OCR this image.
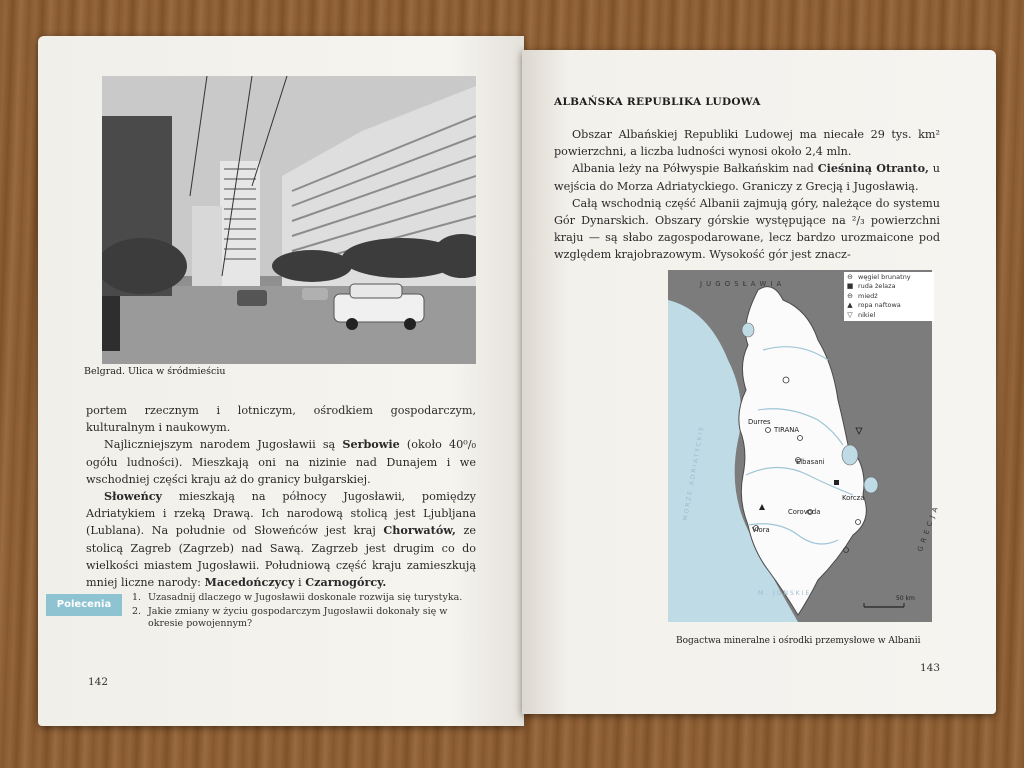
Belgrad. Ulica w śródmieściu

portem rzecznym i lotniczym, ośrodkiem gospodarczym, kulturalnym i naukowym.

Najliczniejszym narodem Jugosławii są Serbowie (około 40⁰/₀ ogółu ludności). Mieszkają oni na nizinie nad Dunajem i we wschodniej części kraju aż do granicy bułgarskiej.

Słoweńcy mieszkają na północy Jugosławii, pomiędzy Adriatykiem i rzeką Drawą. Ich narodową stolicą jest Ljubljana (Lublana). Na południe od Słoweńców jest kraj Chorwatów, ze stolicą Zagreb (Zagrzeb) nad Sawą. Zagrzeb jest drugim co do wielkości miastem Jugosławii. Południową część kraju zamieszkują mniej liczne narody: Macedończycy i Czarnogórcy.

Polecenia
1. Uzasadnij dlaczego w Jugosławii doskonale rozwija się turystyka.
2. Jakie zmiany w życiu gospodarczym Jugosławii dokonały się w okresie powojennym?
142
ALBAŃSKA REPUBLIKA LUDOWA

Obszar Albańskiej Republiki Ludowej ma niecałe 29 tys. km² powierzchni, a liczba ludności wynosi około 2,4 mln.

Albania leży na Półwyspie Bałkańskim nad Cieśniną Otranto, u wejścia do Morza Adriatyckiego. Graniczy z Grecją i Jugosławią.

Całą wschodnią część Albanii zajmują góry, należące do systemu Gór Dynarskich. Obszary górskie występujące na ²/₃ powierzchni kraju — są słabo zagospodarowane, lecz bardzo urozmaicone pod względem krajobrazowym. Wysokość gór jest znacz-

⊖ węgiel brunatny
■ ruda żelaza
⊖ miedź
▲ ropa naftowa
▽ nikiel
Durres
TIRANA
Elbasani
Korcza
Corovoda
Vlora
MORZE ADRIATYCKIE
M. JOŃSKIE
J U G O S Ł A W I A
G R E C J A
50 km
Bogactwa mineralne i ośrodki przemysłowe w Albanii
143
